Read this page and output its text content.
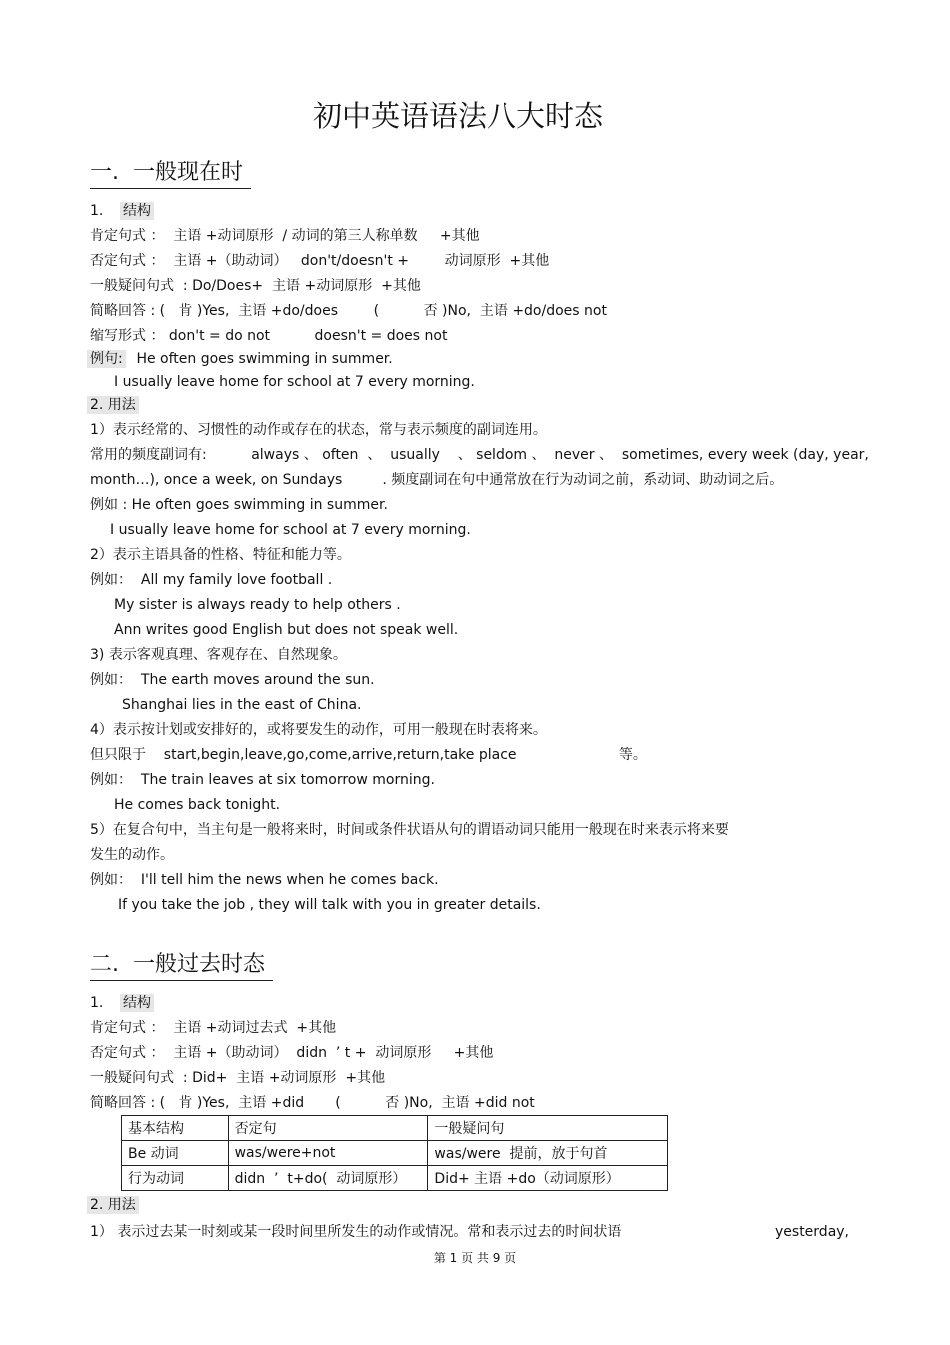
初中英语语法八大时态
一.  一般现在时
1. 结构
肯定句式 ：  主语 +动词原形  / 动词的第三人称单数     +其他
否定句式 ：  主语 +（助动词）   don't/doesn't +        动词原形  +其他
一般疑问句式  : Do/Does+  主语 +动词原形  +其他
简略回答 : (   肯 )Yes,  主语 +do/does        (          否 )No,  主语 +do/does not
缩写形式 ： don't = do not          doesn't = does not
例句: He often goes swimming in summer.
I usually leave home for school at 7 every morning.
2. 用法
1）表示经常的、习惯性的动作或存在的状态，常与表示频度的副词连用。
常用的频度副词有:          always 、 often  、  usually    、 seldom 、  never 、  sometimes, every week (day, year,
month…), once a week, on Sundays         . 频度副词在句中通常放在行为动词之前，系动词、助动词之后。
例如 : He often goes swimming in summer.
I usually leave home for school at 7 every morning.
2）表示主语具备的性格、特征和能力等。
例如：  All my family love football .
My sister is always ready to help others .
Ann writes good English but does not speak well.
3) 表示客观真理、客观存在、自然现象。
例如：  The earth moves around the sun.
Shanghai lies in the east of China.
4）表示按计划或安排好的，或将要发生的动作，可用一般现在时表将来。
但只限于    start,begin,leave,go,come,arrive,return,take place                       等。
例如：  The train leaves at six tomorrow morning.
He comes back tonight.
5）在复合句中，当主句是一般将来时，时间或条件状语从句的谓语动词只能用一般现在时来表示将来要
发生的动作。
例如：  I'll tell him the news when he comes back.
If you take the job , they will talk with you in greater details.
二.  一般过去时态
1. 结构
肯定句式 ：  主语 +动词过去式  +其他
否定句式 ：  主语 +（助动词）  didn  ’ t +  动词原形     +其他
一般疑问句式  : Did+  主语 +动词原形  +其他
简略回答 : (   肯 )Yes,  主语 +did       (          否 )No,  主语 +did not
基本结构	否定句	一般疑问句
Be 动词	was/were+not	was/were  提前，放于句首
行为动词	didn  ’  t+do(  动词原形）	Did+ 主语 +do（动词原形）
2. 用法
1） 表示过去某一时刻或某一段时间里所发生的动作或情况。常和表示过去的时间状语	yesterday,
第 1 页 共 9 页
